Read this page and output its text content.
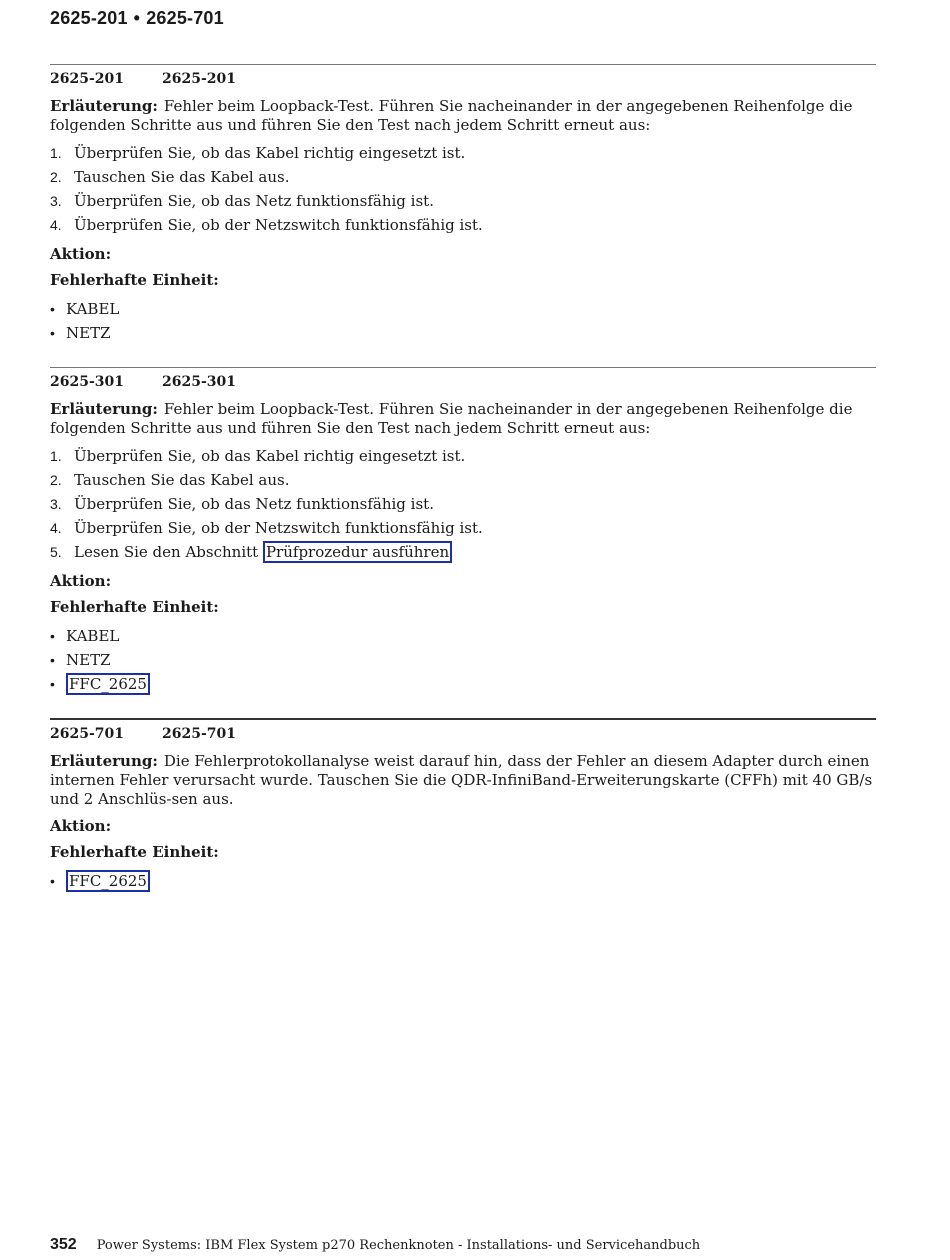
2625-201 • 2625-701
2625-201	2625-201

Erläuterung: Fehler beim Loopback-Test. Führen Sie nacheinander in der angegebenen Reihenfolge die folgenden Schritte aus und führen Sie den Test nach jedem Schritt erneut aus:

1. Überprüfen Sie, ob das Kabel richtig eingesetzt ist.
2. Tauschen Sie das Kabel aus.
3. Überprüfen Sie, ob das Netz funktionsfähig ist.
4. Überprüfen Sie, ob der Netzswitch funktionsfähig ist.
Aktion:
Fehlerhafte Einheit:
• KABEL
• NETZ
2625-301	2625-301

Erläuterung: Fehler beim Loopback-Test. Führen Sie nacheinander in der angegebenen Reihenfolge die folgenden Schritte aus und führen Sie den Test nach jedem Schritt erneut aus:

1. Überprüfen Sie, ob das Kabel richtig eingesetzt ist.
2. Tauschen Sie das Kabel aus.
3. Überprüfen Sie, ob das Netz funktionsfähig ist.
4. Überprüfen Sie, ob der Netzswitch funktionsfähig ist.
5. Lesen Sie den Abschnitt
Prüfprozedur ausführen
Aktion:
Fehlerhafte Einheit:
• KABEL
• NETZ
• FFC_2625
2625-701	2625-701

Erläuterung: Die Fehlerprotokollanalyse weist darauf hin, dass der Fehler an diesem Adapter durch einen internen Fehler verursacht wurde. Tauschen Sie die QDR-InfiniBand-Erweiterungskarte (CFFh) mit 40 GB/s und 2 Anschlüs-sen aus.

Aktion:
Fehlerhafte Einheit:
• FFC_2625
352 Power Systems: IBM Flex System p270 Rechenknoten - Installations- und Servicehandbuch
